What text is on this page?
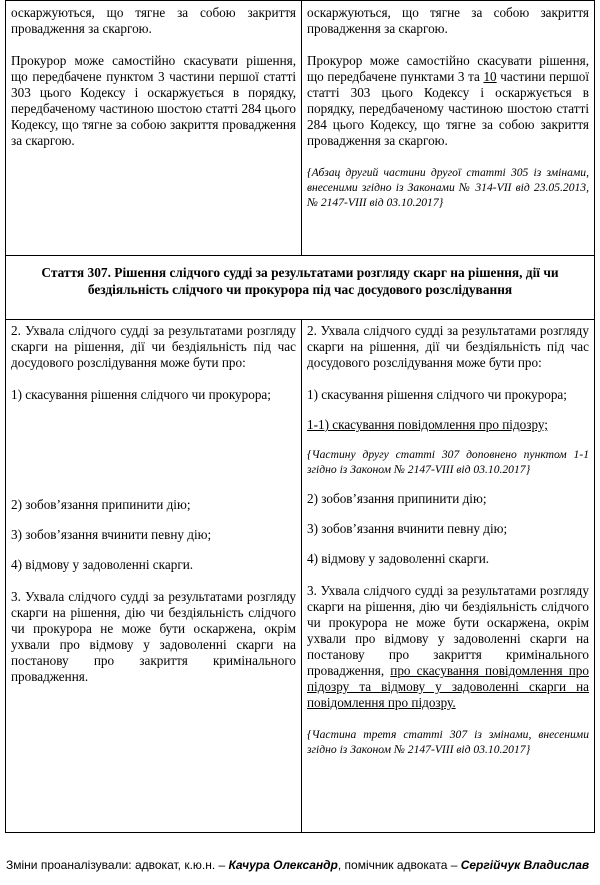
оскаржуються, що тягне за собою закриття провадження за скаргою.

Прокурор може самостійно скасувати рішення, що передбачене пунктом 3 частини першої статті 303 цього Кодексу і оскаржується в порядку, передбаченому частиною шостою статті 284 цього Кодексу, що тягне за собою закриття провадження за скаргою.

оскаржуються, що тягне за собою закриття провадження за скаргою.

Прокурор може самостійно скасувати рішення, що передбачене пунктами 3 та 10 частини першої статті 303 цього Кодексу і оскаржується в порядку, передбаченому частиною шостою статті 284 цього Кодексу, що тягне за собою закриття провадження за скаргою.

{Абзац другий частини другої статті 305 із змінами, внесеними згідно із Законами № 314-VII від 23.05.2013, № 2147-VIII від 03.10.2017}

Стаття 307. Рішення слідчого судді за результатами розгляду скарг на рішення, дії чи бездіяльність слідчого чи прокурора під час досудового розслідування

2. Ухвала слідчого судді за результатами розгляду скарги на рішення, дії чи бездіяльність під час досудового розслідування може бути про:

1) скасування рішення слідчого чи прокурора;

2) зобов’язання припинити дію;

3) зобов’язання вчинити певну дію;

4) відмову у задоволенні скарги.

3. Ухвала слідчого судді за результатами розгляду скарги на рішення, дію чи бездіяльність слідчого чи прокурора не може бути оскаржена, окрім ухвали про відмову у задоволенні скарги на постанову про закриття кримінального провадження.

2. Ухвала слідчого судді за результатами розгляду скарги на рішення, дії чи бездіяльність під час досудового розслідування може бути про:

1) скасування рішення слідчого чи прокурора;

1-1) скасування повідомлення про підозру;

{Частину другу статті 307 доповнено пунктом 1-1 згідно із Законом № 2147-VIII від 03.10.2017}

2) зобов’язання припинити дію;

3) зобов’язання вчинити певну дію;

4) відмову у задоволенні скарги.

3. Ухвала слідчого судді за результатами розгляду скарги на рішення, дію чи бездіяльність слідчого чи прокурора не може бути оскаржена, окрім ухвали про відмову у задоволенні скарги на постанову про закриття кримінального провадження, про скасування повідомлення про підозру та відмову у задоволенні скарги на повідомлення про підозру.

{Частина третя статті 307 із змінами, внесеними згідно із Законом № 2147-VIII від 03.10.2017}

Зміни проаналізували: адвокат, к.ю.н. – Качура Олександр, помічник адвоката – Сергійчук Владислав
